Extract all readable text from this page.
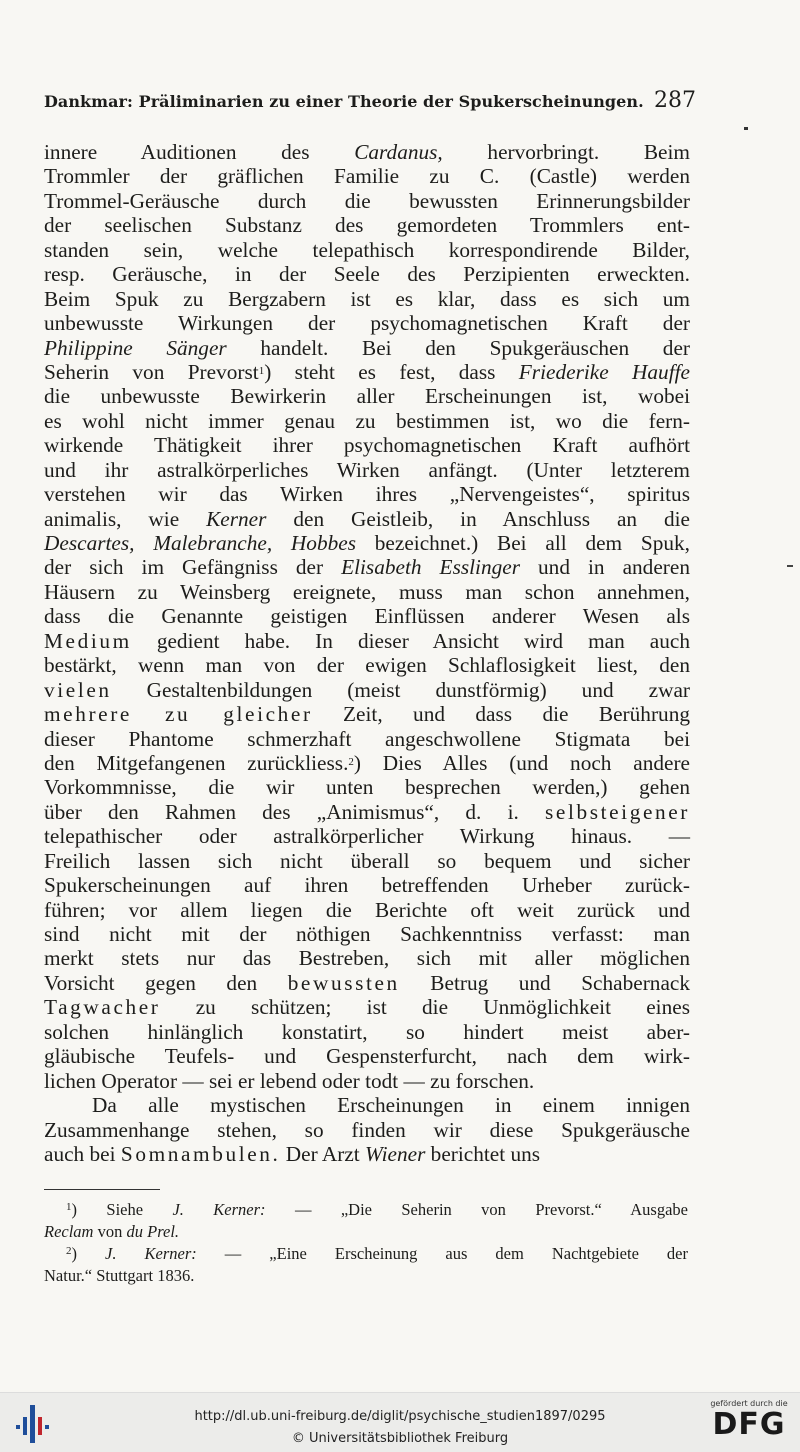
Dankmar: Präliminarien zu einer Theorie der Spukerscheinungen. 287
innere Auditionen des Cardanus, hervorbringt. Beim
Trommler der gräflichen Familie zu C. (Castle) werden
Trommel-Geräusche durch die bewussten Erinnerungsbilder
der seelischen Substanz des gemordeten Trommlers ent-
standen sein, welche telepathisch korrespondirende Bilder,
resp. Geräusche, in der Seele des Perzipienten erweckten.
Beim Spuk zu Bergzabern ist es klar, dass es sich um
unbewusste Wirkungen der psychomagnetischen Kraft der
Philippine Sänger handelt. Bei den Spukgeräuschen der
Seherin von Prevorst$^1$) steht es fest, dass Friederike Hauffe
die unbewusste Bewirkerin aller Erscheinungen ist, wobei
es wohl nicht immer genau zu bestimmen ist, wo die fern-
wirkende Thätigkeit ihrer psychomagnetischen Kraft aufhört
und ihr astralkörperliches Wirken anfängt. (Unter letzterem
verstehen wir das Wirken ihres „Nervengeistes“, spiritus
animalis, wie Kerner den Geistleib, in Anschluss an die
Descartes, Malebranche, Hobbes bezeichnet.) Bei all dem Spuk,
der sich im Gefängniss der Elisabeth Esslinger und in anderen
Häusern zu Weinsberg ereignete, muss man schon annehmen,
dass die Genannte geistigen Einflüssen anderer Wesen als
Medium gedient habe. In dieser Ansicht wird man auch
bestärkt, wenn man von der ewigen Schlaflosigkeit liest, den
vielen Gestaltenbildungen (meist dunstförmig) und zwar
mehrere zu gleicher Zeit, und dass die Berührung
dieser Phantome schmerzhaft angeschwollene Stigmata bei
den Mitgefangenen zurückliess.$^2$) Dies Alles (und noch andere
Vorkommnisse, die wir unten besprechen werden,) gehen
über den Rahmen des „Animismus“, d. i. selbsteigener
telepathischer oder astralkörperlicher Wirkung hinaus. —
Freilich lassen sich nicht überall so bequem und sicher
Spukerscheinungen auf ihren betreffenden Urheber zurück-
führen; vor allem liegen die Berichte oft weit zurück und
sind nicht mit der nöthigen Sachkenntniss verfasst: man
merkt stets nur das Bestreben, sich mit aller möglichen
Vorsicht gegen den bewussten Betrug und Schabernack
Tagwacher zu schützen; ist die Unmöglichkeit eines
solchen hinlänglich konstatirt, so hindert meist aber-
gläubische Teufels- und Gespensterfurcht, nach dem wirk-
lichen Operator — sei er lebend oder todt — zu forschen.
Da alle mystischen Erscheinungen in einem innigen
Zusammenhange stehen, so finden wir diese Spukgeräusche
auch bei Somnambulen. Der Arzt Wiener berichtet uns
$^1$) Siehe J. Kerner: — „Die Seherin von Prevorst.“ Ausgabe
Reclam von du Prel.
$^2$) J. Kerner: — „Eine Erscheinung aus dem Nachtgebiete der
Natur.“ Stuttgart 1836.
http://dl.ub.uni-freiburg.de/diglit/psychische_studien1897/0295
© Universitätsbibliothek Freiburg
gefördert durch die
DFG
